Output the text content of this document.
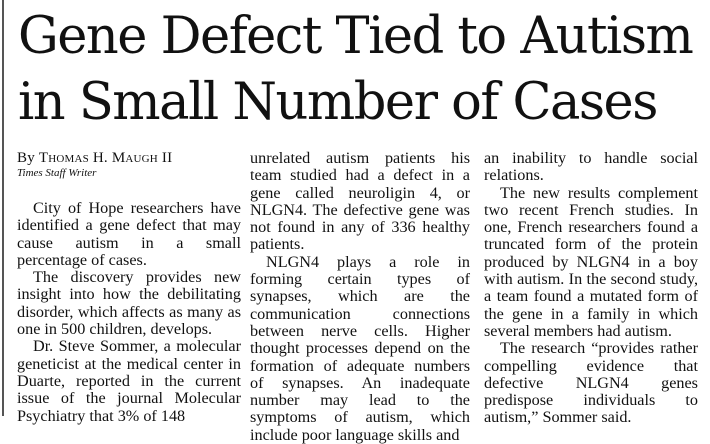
Gene Defect Tied to Autism
in Small Number of Cases
By Thomas H. Maugh II
Times Staff Writer

City of Hope researchers have identified a gene defect that may cause autism in a small percentage of cases.

The discovery provides new insight into how the debilitating disorder, which affects as many as one in 500 children, develops.

Dr. Steve Sommer, a molecular geneticist at the medical center in Duarte, reported in the current issue of the journal Molecular Psychiatry that 3% of 148

unrelated autism patients his team studied had a defect in a gene called neuroligin 4, or NLGN4. The defective gene was not found in any of 336 healthy patients.

NLGN4 plays a role in forming certain types of synapses, which are the communication connections between nerve cells. Higher thought processes depend on the formation of adequate numbers of synapses. An inadequate number may lead to the symptoms of autism, which include poor language skills and

an inability to handle social relations.

The new results complement two recent French studies. In one, French researchers found a truncated form of the protein produced by NLGN4 in a boy with autism. In the second study, a team found a mutated form of the gene in a family in which several members had autism.

The research “provides rather compelling evidence that defective NLGN4 genes predispose individuals to autism,” Sommer said.
